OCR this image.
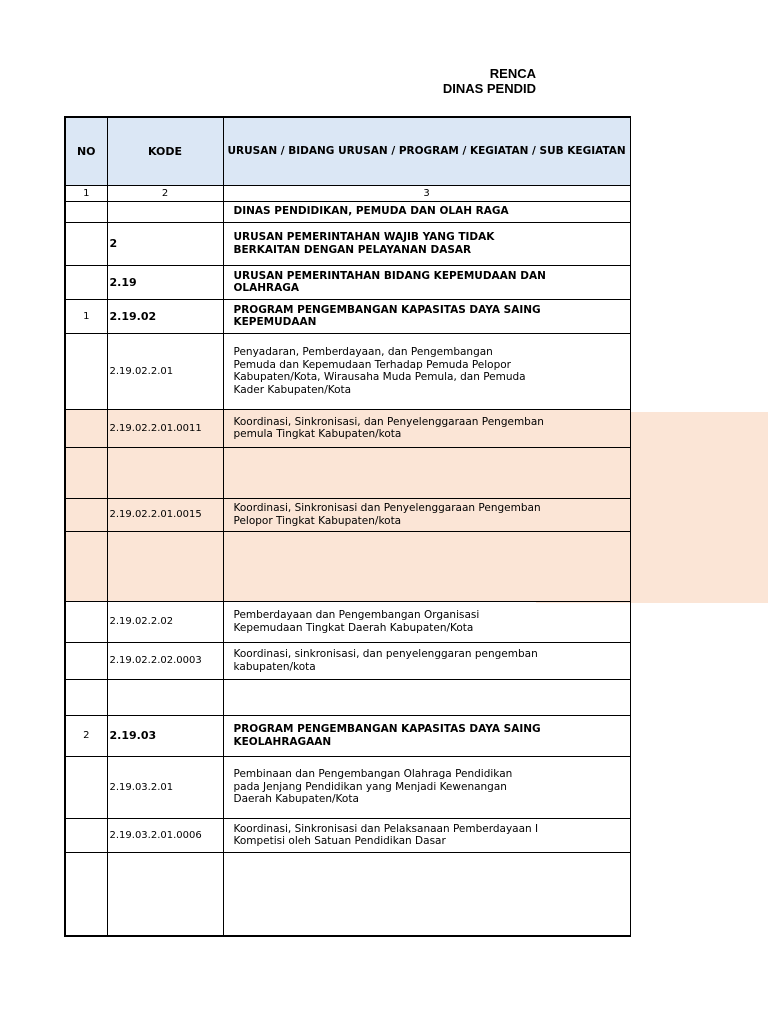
RENCA
DINAS PENDID
NO	KODE	URUSAN / BIDANG URUSAN / PROGRAM / KEGIATAN / SUB KEGIATAN
1	2	3
		DINAS PENDIDIKAN, PEMUDA DAN OLAH RAGA
	2	URUSAN PEMERINTAHAN WAJIB YANG TIDAK
BERKAITAN DENGAN PELAYANAN DASAR
	2.19	URUSAN PEMERINTAHAN BIDANG KEPEMUDAAN DAN
OLAHRAGA
1	2.19.02	PROGRAM PENGEMBANGAN KAPASITAS DAYA SAING
KEPEMUDAAN
	2.19.02.2.01	Penyadaran, Pemberdayaan, dan Pengembangan
Pemuda dan Kepemudaan Terhadap Pemuda Pelopor
Kabupaten/Kota, Wirausaha Muda Pemula, dan Pemuda
Kader Kabupaten/Kota
	2.19.02.2.01.0011	Koordinasi, Sinkronisasi, dan Penyelenggaraan Pengemban
pemula Tingkat Kabupaten/kota

	2.19.02.2.01.0015	Koordinasi, Sinkronisasi dan Penyelenggaraan Pengemban
Pelopor Tingkat Kabupaten/kota

	2.19.02.2.02	Pemberdayaan dan Pengembangan Organisasi
Kepemudaan Tingkat Daerah Kabupaten/Kota
	2.19.02.2.02.0003	Koordinasi, sinkronisasi, dan penyelenggaran pengemban
kabupaten/kota

2	2.19.03	PROGRAM PENGEMBANGAN KAPASITAS DAYA SAING
KEOLAHRAGAAN
	2.19.03.2.01	Pembinaan dan Pengembangan Olahraga Pendidikan
pada Jenjang Pendidikan yang Menjadi Kewenangan
Daerah Kabupaten/Kota
	2.19.03.2.01.0006	Koordinasi, Sinkronisasi dan Pelaksanaan Pemberdayaan I
Kompetisi oleh Satuan Pendidikan Dasar
